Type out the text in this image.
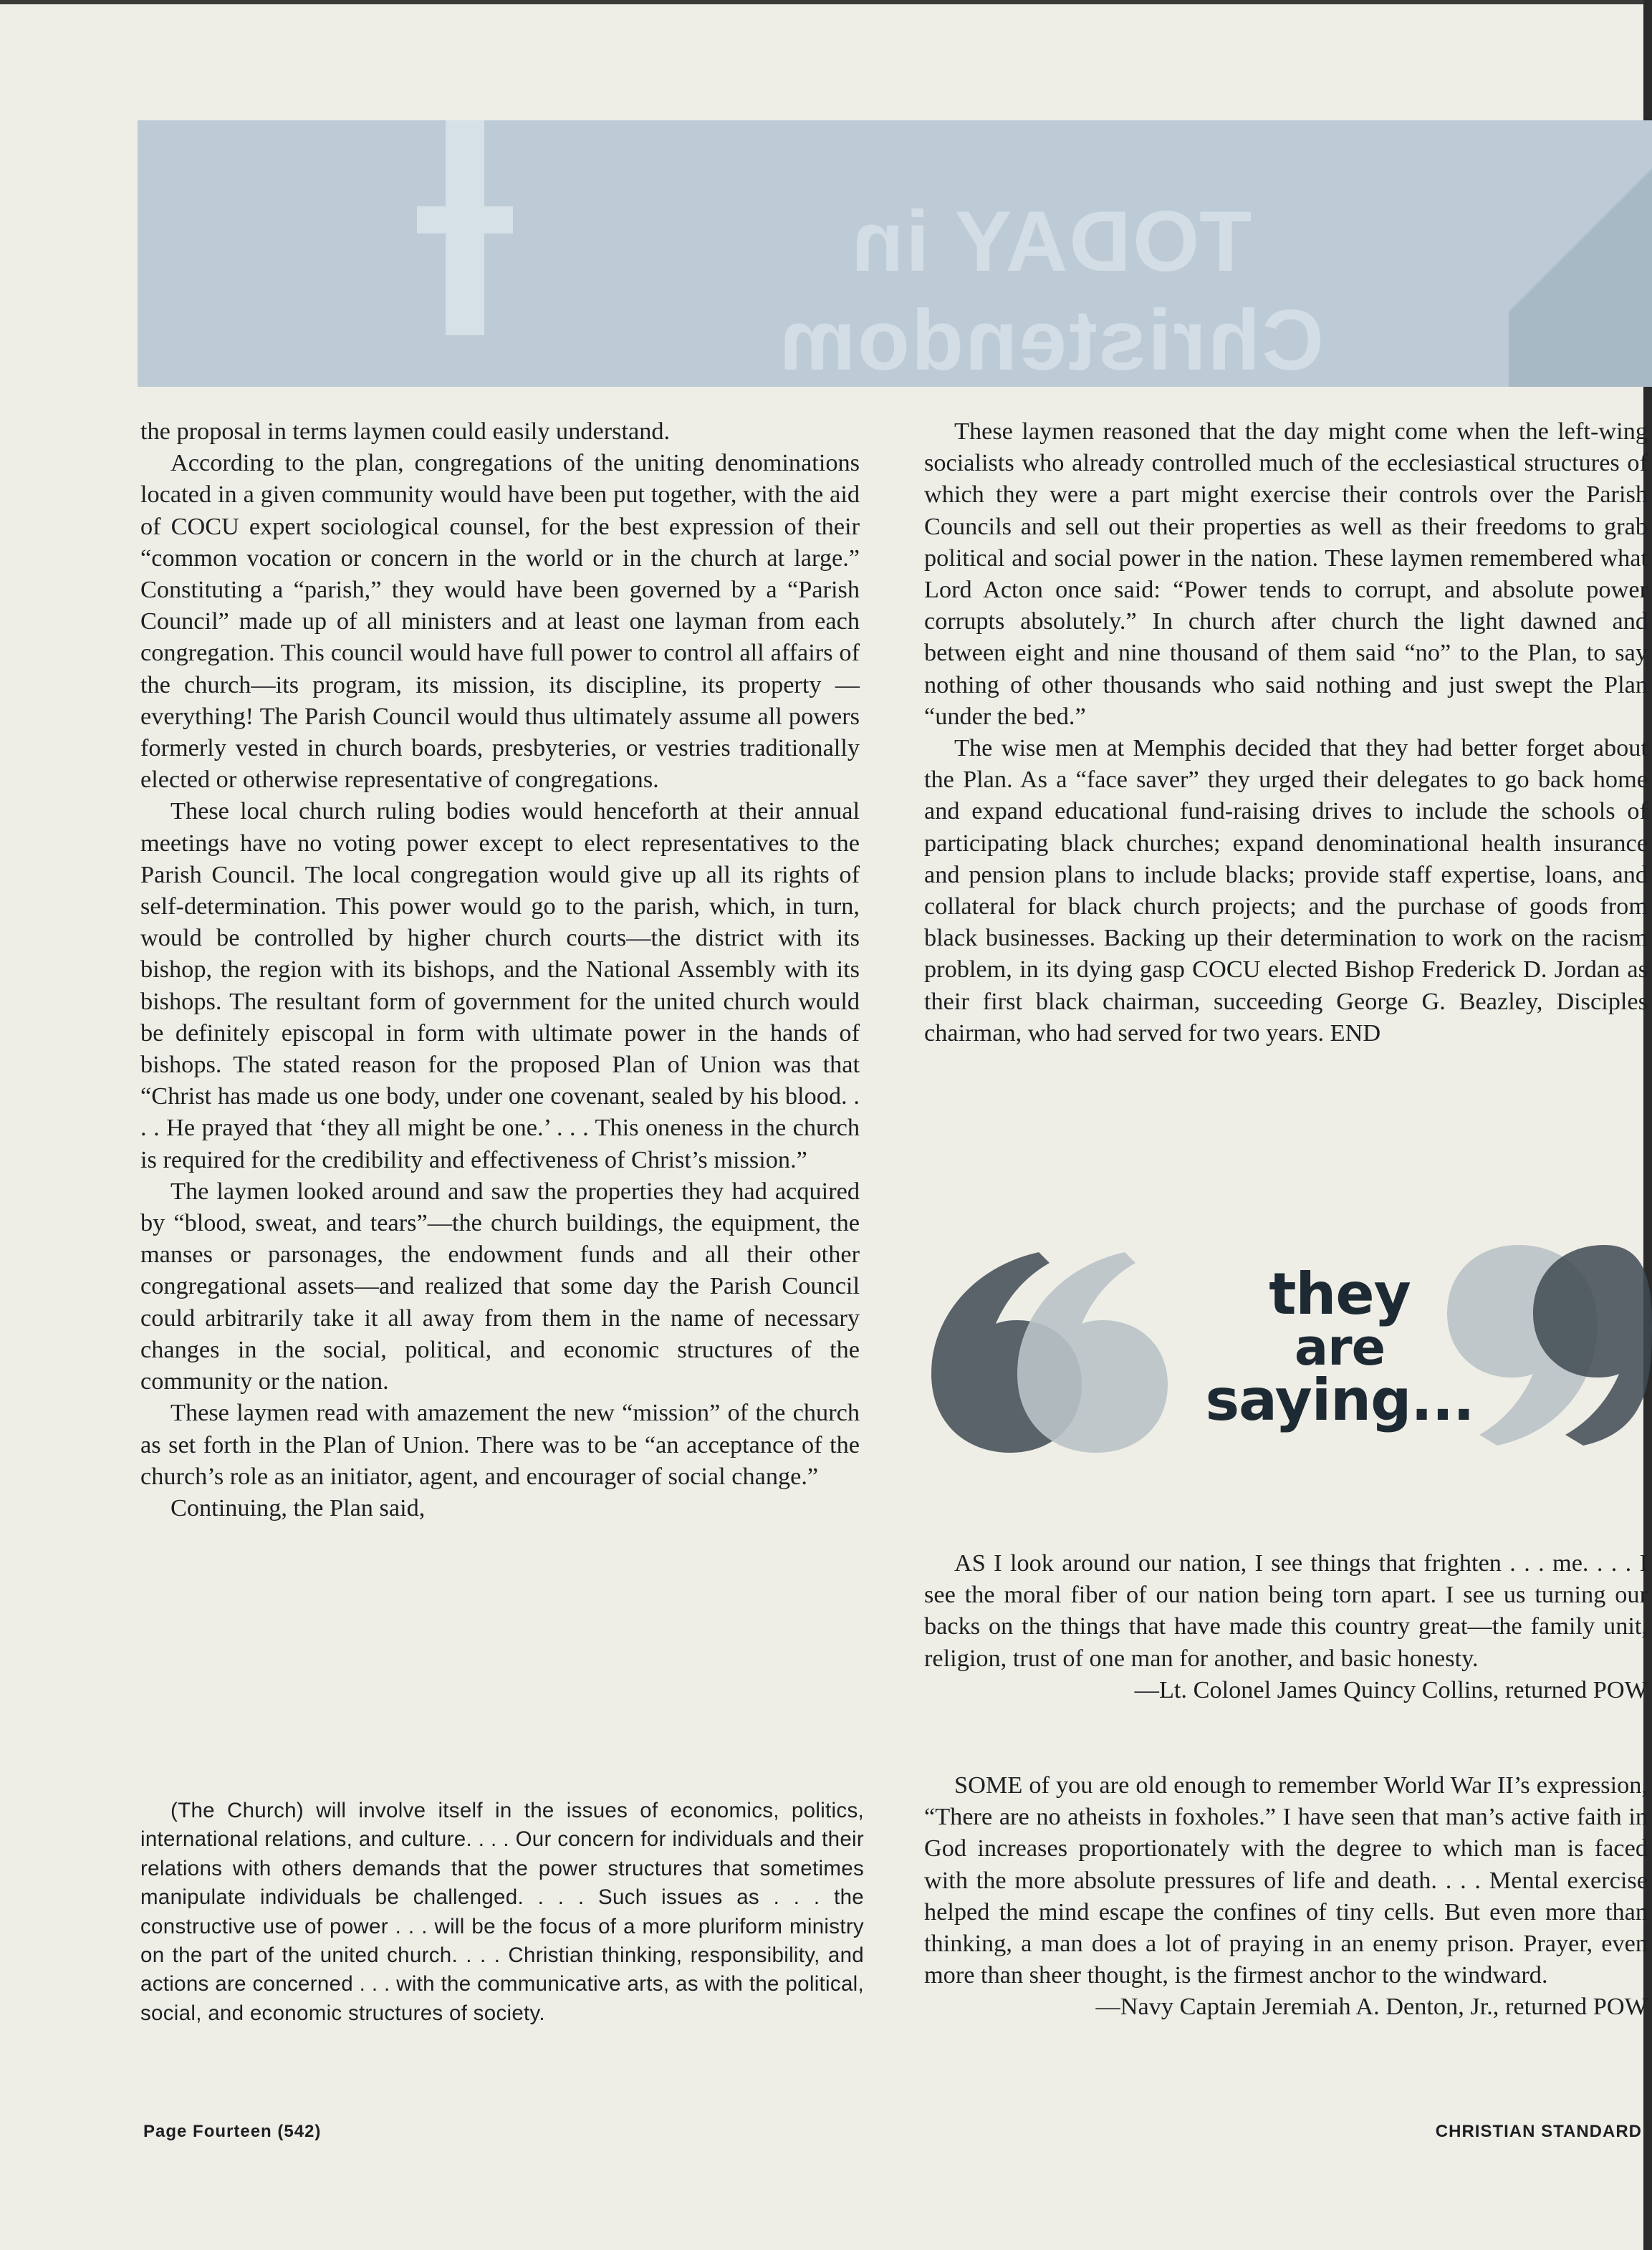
TODAY in Christendom

the proposal in terms laymen could easily understand.

According to the plan, congregations of the uniting denominations located in a given community would have been put together, with the aid of COCU expert sociological counsel, for the best expression of their “common vocation or concern in the world or in the church at large.” Constituting a “parish,” they would have been governed by a “Parish Council” made up of all ministers and at least one layman from each congregation. This council would have full power to control all affairs of the church—its program, its mission, its discipline, its property —everything! The Parish Council would thus ultimately assume all powers formerly vested in church boards, presbyteries, or vestries traditionally elected or otherwise representative of congregations.

These local church ruling bodies would henceforth at their annual meetings have no voting power except to elect representatives to the Parish Council. The local congregation would give up all its rights of self-determination. This power would go to the parish, which, in turn, would be controlled by higher church courts—the district with its bishop, the region with its bishops, and the National Assembly with its bishops. The resultant form of government for the united church would be definitely episcopal in form with ultimate power in the hands of bishops. The stated reason for the proposed Plan of Union was that “Christ has made us one body, under one covenant, sealed by his blood. . . . He prayed that ‘they all might be one.’ . . . This oneness in the church is required for the credibility and effectiveness of Christ’s mission.”

The laymen looked around and saw the properties they had acquired by “blood, sweat, and tears”—the church buildings, the equipment, the manses or parsonages, the endowment funds and all their other congregational assets—and realized that some day the Parish Council could arbitrarily take it all away from them in the name of necessary changes in the social, political, and economic structures of the community or the nation.

These laymen read with amazement the new “mission” of the church as set forth in the Plan of Union. There was to be “an acceptance of the church’s role as an initiator, agent, and encourager of social change.”

Continuing, the Plan said,

(The Church) will involve itself in the issues of economics, politics, international relations, and culture. . . . Our concern for individuals and their relations with others demands that the power structures that sometimes manipulate individuals be challenged. . . . Such issues as . . . the constructive use of power . . . will be the focus of a more pluriform ministry on the part of the united church. . . . Christian thinking, responsibility, and actions are concerned . . . with the communicative arts, as with the political, social, and economic structures of society.

These laymen reasoned that the day might come when the left-wing socialists who already controlled much of the ecclesiastical structures of which they were a part might exercise their controls over the Parish Councils and sell out their properties as well as their freedoms to grab political and social power in the nation. These laymen remembered what Lord Acton once said: “Power tends to corrupt, and absolute power corrupts absolutely.” In church after church the light dawned and between eight and nine thousand of them said “no” to the Plan, to say nothing of other thousands who said nothing and just swept the Plan “under the bed.”

The wise men at Memphis decided that they had better forget about the Plan. As a “face saver” they urged their delegates to go back home and expand educational fund-raising drives to include the schools of participating black churches; expand denominational health insurance and pension plans to include blacks; provide staff expertise, loans, and collateral for black church projects; and the purchase of goods from black businesses. Backing up their determination to work on the racism problem, in its dying gasp COCU elected Bishop Frederick D. Jordan as their first black chairman, succeeding George G. Beazley, Disciples chairman, who had served for two years. END

they
are
saying...

AS I look around our nation, I see things that frighten . . . me. . . . I see the moral fiber of our nation being torn apart. I see us turning our backs on the things that have made this country great—the family unit, religion, trust of one man for another, and basic honesty.

—Lt. Colonel James Quincy Collins, returned POW

SOME of you are old enough to remember World War II’s expression, “There are no atheists in foxholes.” I have seen that man’s active faith in God increases proportionately with the degree to which man is faced with the more absolute pressures of life and death. . . . Mental exercise helped the mind escape the confines of tiny cells. But even more than thinking, a man does a lot of praying in an enemy prison. Prayer, even more than sheer thought, is the firmest anchor to the windward.

—Navy Captain Jeremiah A. Denton, Jr., returned POW

Page Fourteen (542)	CHRISTIAN STANDARD
